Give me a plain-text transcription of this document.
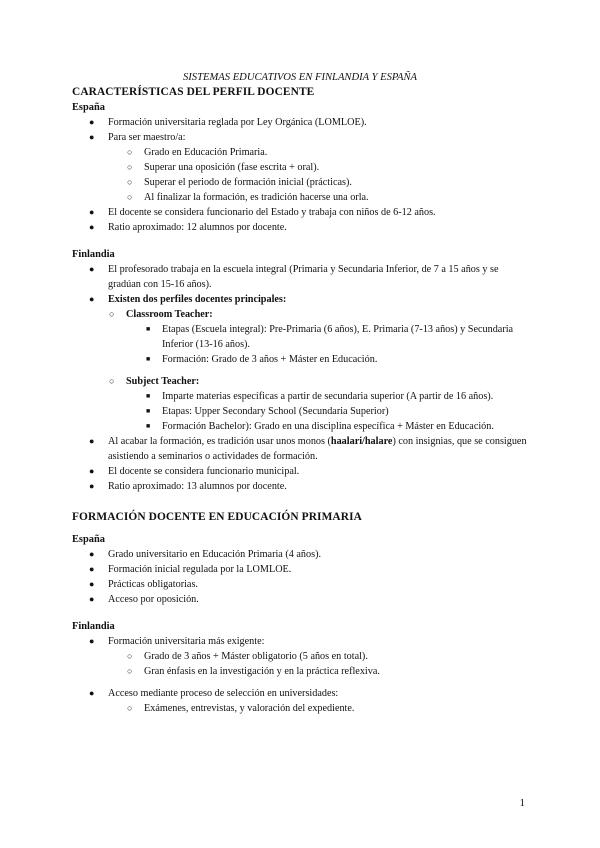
SISTEMAS EDUCATIVOS EN FINLANDIA Y ESPAÑA

CARACTERÍSTICAS DEL PERFIL DOCENTE

España

● Formación universitaria reglada por Ley Orgánica (LOMLOE).
● Para ser maestro/a:
○ Grado en Educación Primaria.
○ Superar una oposición (fase escrita + oral).
○ Superar el periodo de formación inicial (prácticas).
○ Al finalizar la formación, es tradición hacerse una orla.
● El docente se considera funcionario del Estado y trabaja con niños de 6-12 años.
● Ratio aproximado: 12 alumnos por docente.

Finlandia

● El profesorado trabaja en la escuela integral (Primaria y Secundaria Inferior, de 7 a 15 años y se gradúan con 15-16 años).
● Existen dos perfiles docentes principales:
○ Classroom Teacher:
■ Etapas (Escuela integral): Pre-Primaria (6 años), E. Primaria (7-13 años) y Secundaria Inferior (13-16 años).
■ Formación: Grado de 3 años + Máster en Educación.
○ Subject Teacher:
■ Imparte materias específicas a partir de secundaria superior (A partir de 16 años).
■ Etapas: Upper Secondary School (Secundaria Superior)
■ Formación Bachelor): Grado en una disciplina específica + Máster en Educación.
● Al acabar la formación, es tradición usar unos monos (haalari/halare) con insignias, que se consiguen asistiendo a seminarios o actividades de formación.
● El docente se considera funcionario municipal.
● Ratio aproximado: 13 alumnos por docente.

FORMACIÓN DOCENTE EN EDUCACIÓN PRIMARIA

España

● Grado universitario en Educación Primaria (4 años).
● Formación inicial regulada por la LOMLOE.
● Prácticas obligatorias.
● Acceso por oposición.

Finlandia

● Formación universitaria más exigente:
○ Grado de 3 años + Máster obligatorio (5 años en total).
○ Gran énfasis en la investigación y en la práctica reflexiva.
● Acceso mediante proceso de selección en universidades:
○ Exámenes, entrevistas, y valoración del expediente.
1
